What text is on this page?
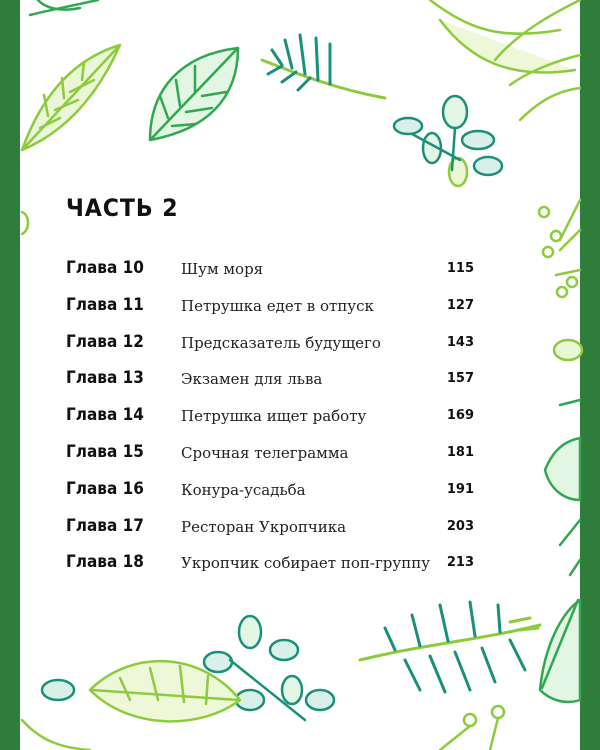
ЧАСТЬ 2
Глава 10 Шум моря	115
Глава 11 Петрушка едет в отпуск	127
Глава 12 Предсказатель будущего	143
Глава 13 Экзамен для льва	157
Глава 14 Петрушка ищет работу	169
Глава 15 Срочная телеграмма	181
Глава 16 Конура-усадьба	191
Глава 17 Ресторан Укропчика	203
Глава 18 Укропчик собирает поп-группу 213
